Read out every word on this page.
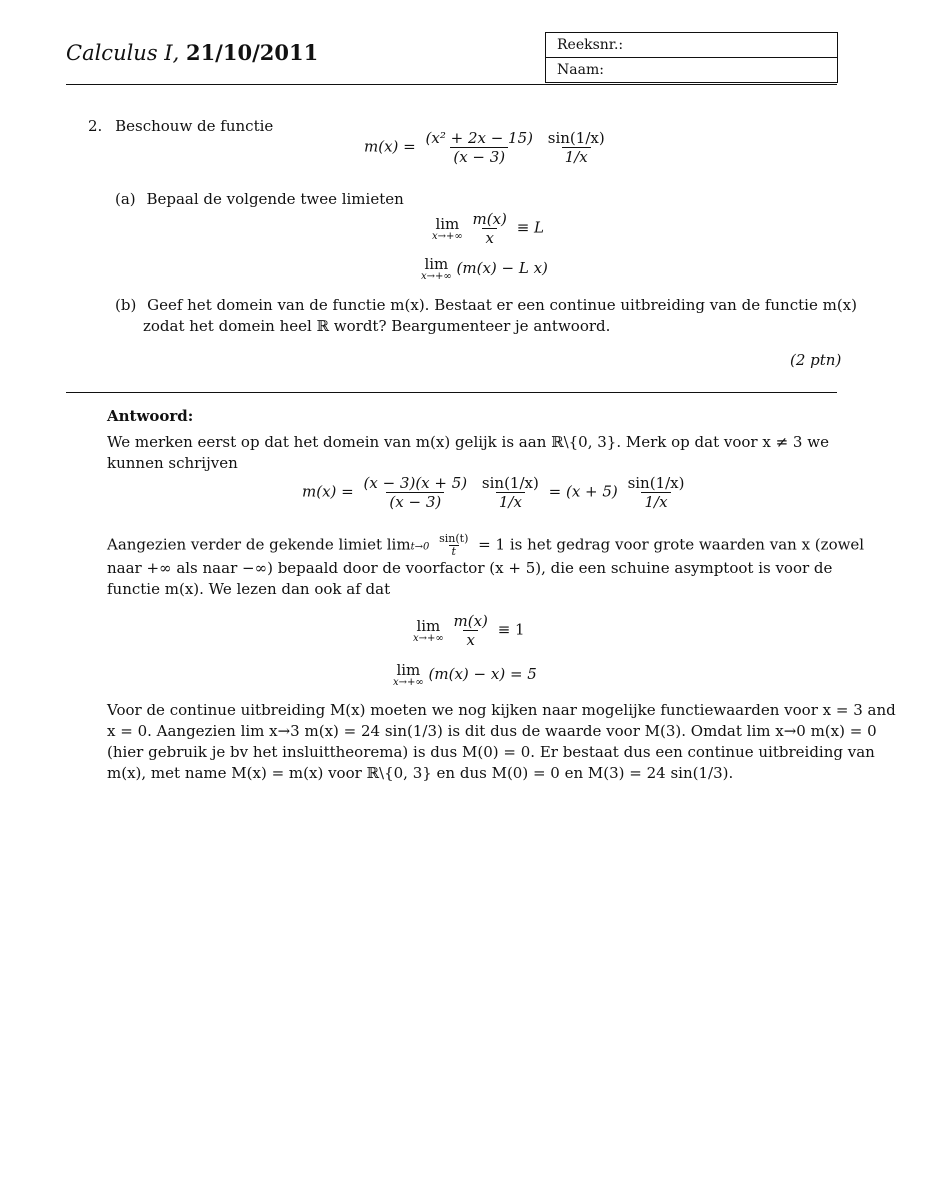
Calculus I, 21/10/2011	Reeksnr.:
Naam:
2. Beschouw de functie
$m(x) = \frac{\text{(x² + 2x − 15)}}{(x - 3)}$
$\frac{\sin(1/x)}{1/x}$
(a) Bepaal de volgende twee limieten
lim
x→+∞
$\frac{m(x)}{x} \equiv L$
lim
x→+∞ (m(x) − L x)
(b) Geef het domein van de functie m(x). Bestaat er een continue uitbreiding van de functie m(x)
zodat het domein heel ℝ wordt? Beargumenteer je antwoord.
(2 ptn)
Antwoord:

We merken eerst op dat het domein van m(x) gelijk is aan ℝ\{0, 3}. Merk op dat voor x ≠ 3 we

kunnen schrijven

$m(x) = \frac{(x - 3)(x + 5)}{(x - 3)}$
$\frac{\sin(1/x)}{1/x} = (x + 5) \frac{\sin(1/x)}{1/x}$

Aangezien verder de gekende limiet $\lim t\to 0 \frac{\sin(t)}{t} = 1$ is het gedrag voor grote waarden van x (zowel

naar +∞ als naar −∞) bepaald door de voorfactor (x + 5), die een schuine asymptoot is voor de

functie m(x). We lezen dan ook af dat

lim
x→+∞
$\frac{m(x)}{x} \equiv 1$
lim
x→+∞ (m(x) − x) = 5

Voor de continue uitbreiding M(x) moeten we nog kijken naar mogelijke functiewaarden voor x = 3 and

x = 0. Aangezien lim x→3 m(x) = 24 sin(1/3) is dit dus de waarde voor M(3). Omdat lim x→0 m(x) = 0

(hier gebruik je bv het insluittheorema) is dus M(0) = 0. Er bestaat dus een continue uitbreiding van

m(x), met name M(x) = m(x) voor ℝ\{0, 3} en dus M(0) = 0 en M(3) = 24 sin(1/3).
